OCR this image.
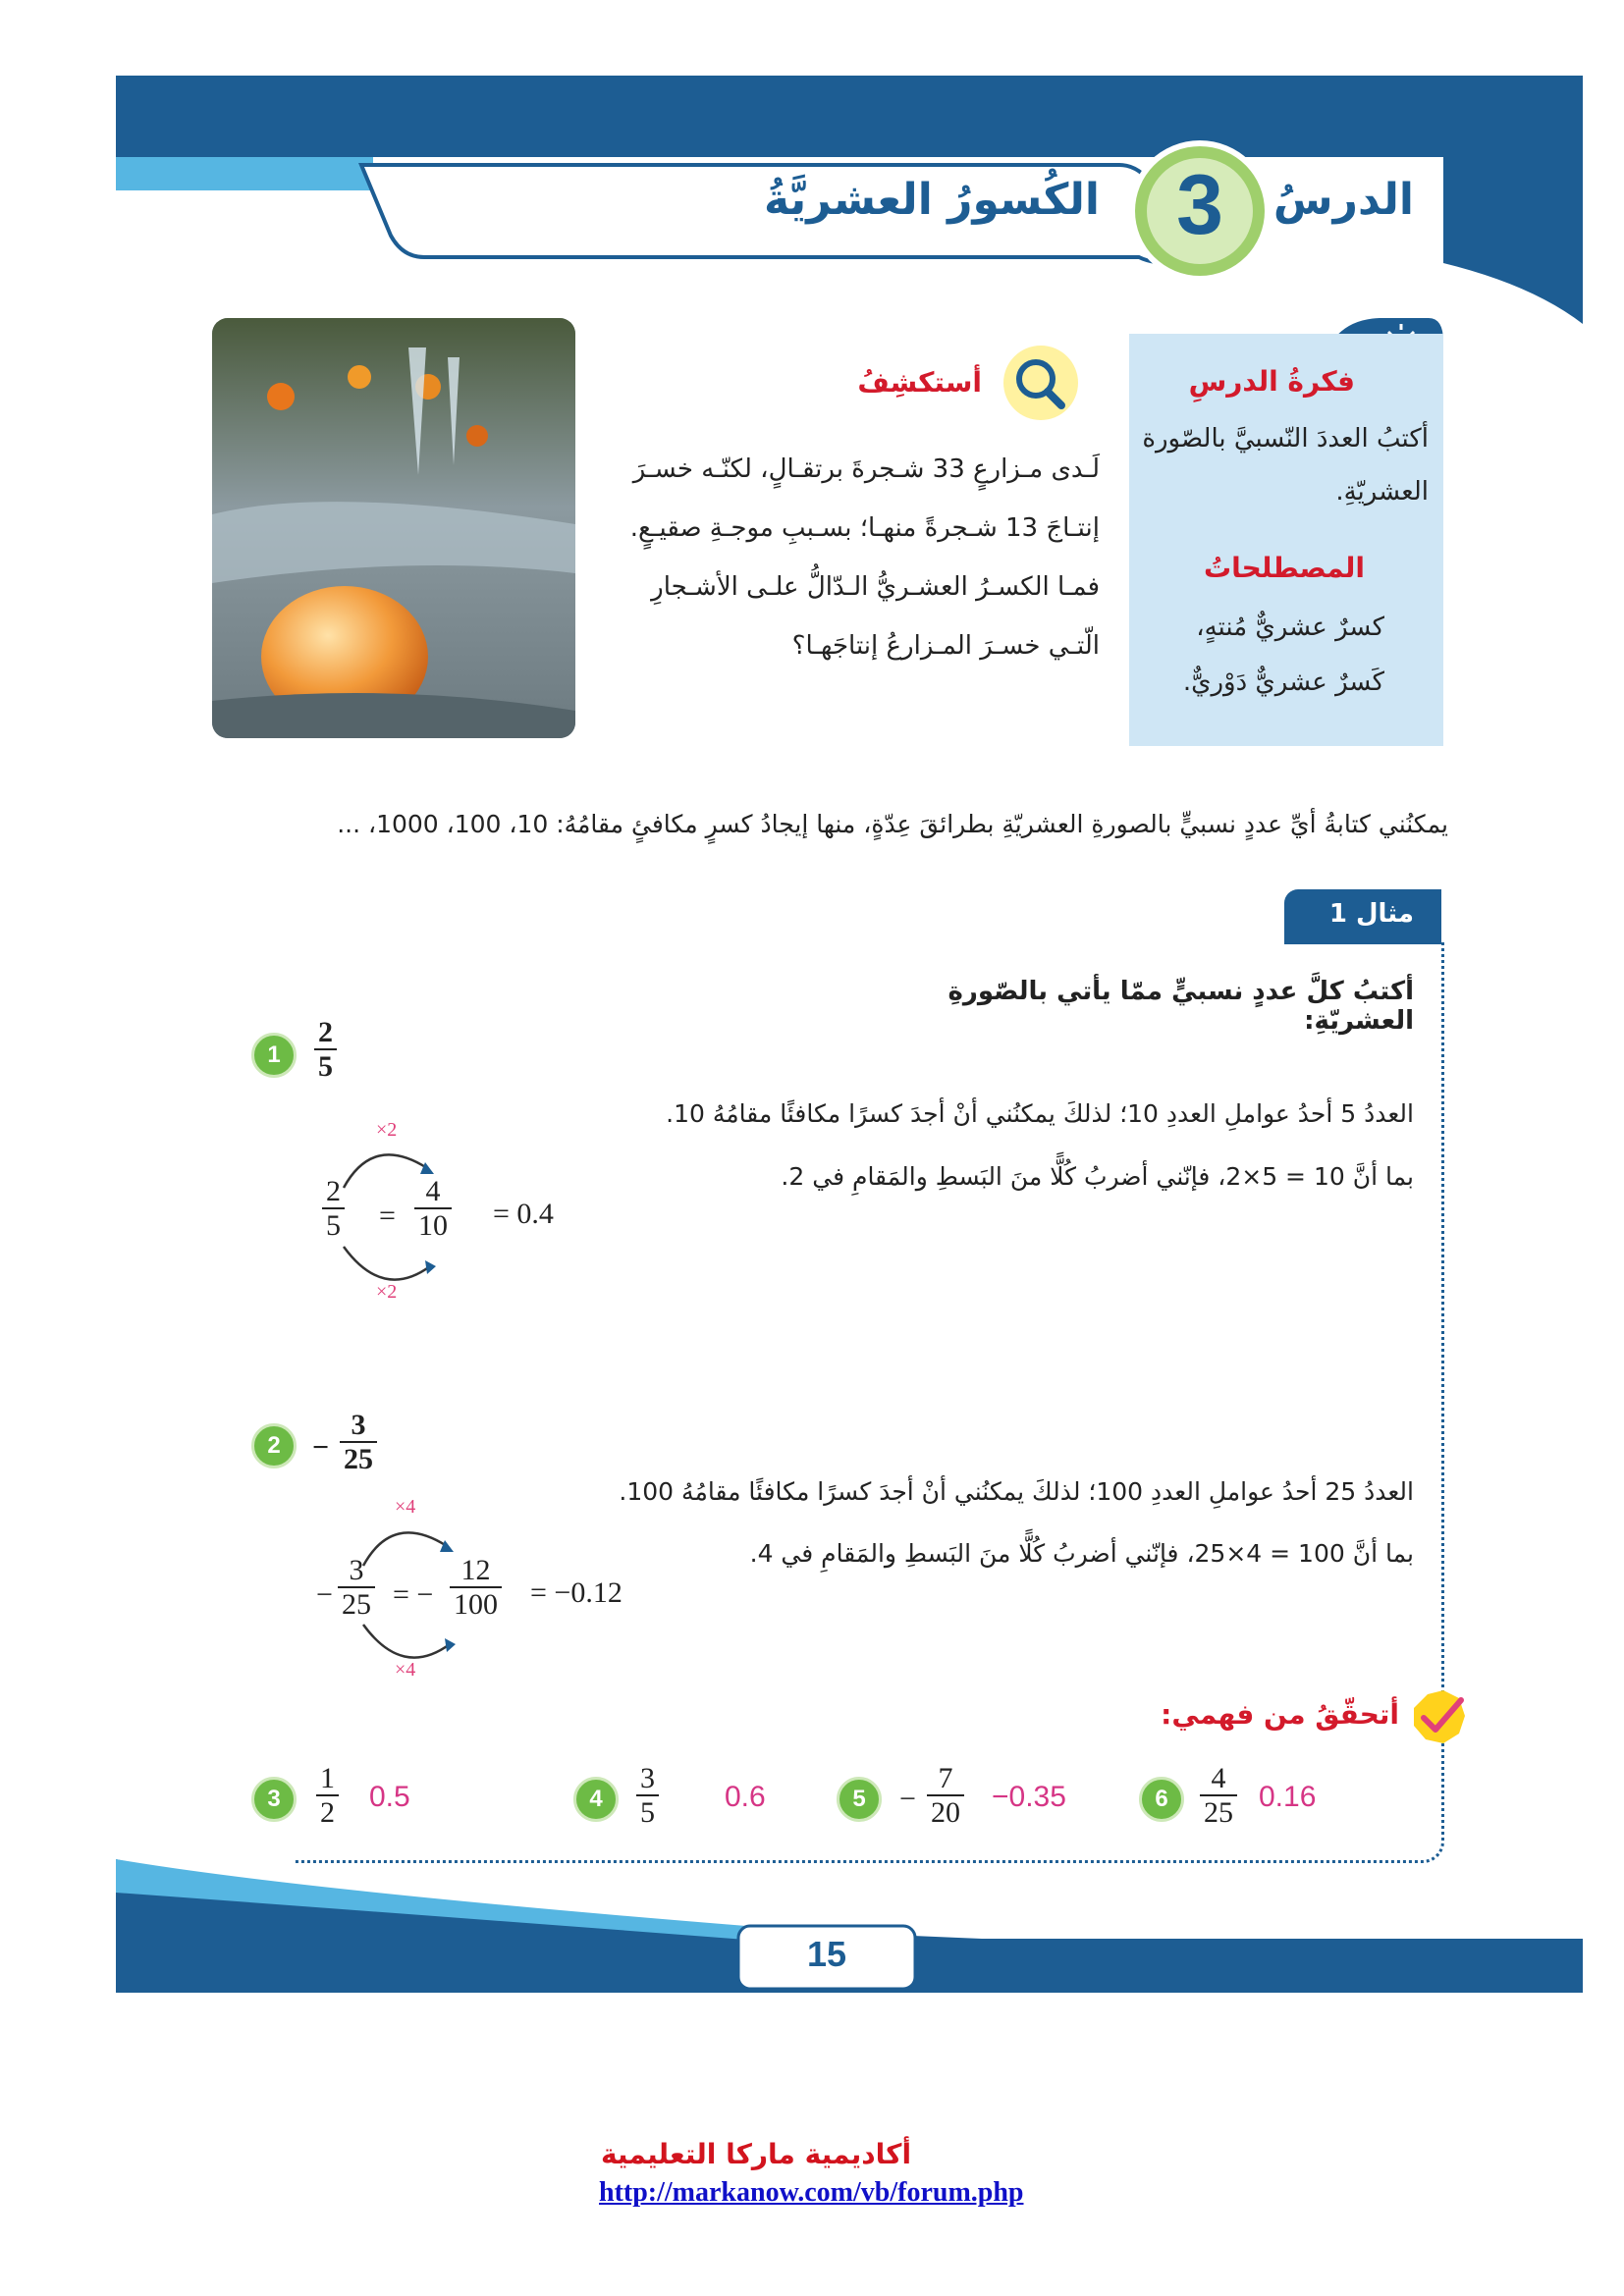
الدرسُ
3
الكُسورُ العشريَّةُ
فكرةُ الدرسِ
أكتبُ العددَ النّسبيَّ بالصّورة العشريّةِ.
المصطلحاتُ
كسرٌ عشريٌّ مُنتهٍ،
كَسرٌ عشريٌّ دَوْريٌّ.
أستكشِفُ
لَـدى مـزارعٍ 33 شـجرةَ برتقـالٍ، لكنّـه خسـرَ إنتـاجَ 13 شـجرةً منهـا؛ بسـببِ موجـةِ صقيـعٍ. فمـا الكسـرُ العشـريُّ الـدّالُّ علـى الأشـجارِ الّتـي خسـرَ المـزارعُ إنتاجَهـا؟
يمكنُني كتابةُ أيِّ عددٍ نسبيٍّ بالصورةِ العشريّةِ بطرائقَ عِدّةٍ، منها إيجادُ كسرٍ مكافئٍ مقامُهُ: 10، 100، 1000، ...
مثال 1
أكتبُ كلَّ عددٍ نسبيٍّ ممّا يأتي بالصّورةِ العشريّةِ:
1	$\frac{2}{5}$
العددُ 5 أحدُ عواملِ العددِ 10؛ لذلكَ يمكنُني أنْ أجدَ كسرًا مكافئًا مقامُهُ 10.
بما أنَّ 10 = 5×2، فإنّني أضربُ كُلًّا منَ البَسطِ والمَقامِ في 2.
×2
×2
$\frac{2}{5} = \frac{4}{10} = 0.4$
2	− $\frac{3}{25}$
العددُ 25 أحدُ عواملِ العددِ 100؛ لذلكَ يمكنُني أنْ أجدَ كسرًا مكافئًا مقامُهُ 100.
بما أنَّ 100 = 4×25، فإنّني أضربُ كُلًّا منَ البَسطِ والمَقامِ في 4.
×4
×4
− $\frac{3}{25}$ = − $\frac{12}{100} = -0.12$
أتحقّقُ من فهمي:
3	$\frac{1}{2} 0.5$	4	$\frac{3}{5} 0.6$	5	− $\frac{7}{20} -0.35$	6	$\frac{4}{25} 0.16$
15
أكاديمية ماركا التعليمية
http://markanow.com/vb/forum.php
